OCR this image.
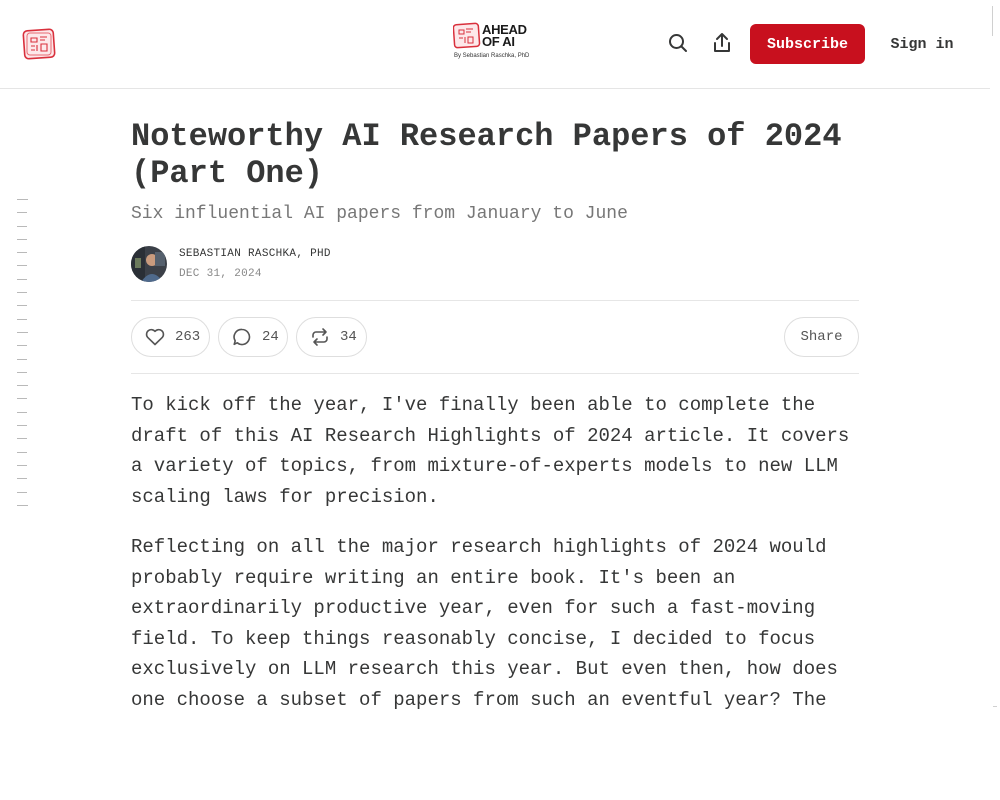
AHEAD
OF AI
By Sebastian Raschka, PhD
Subscribe	Sign in
Noteworthy AI Research Papers of 2024 (Part One)
Six influential AI papers from January to June
SEBASTIAN RASCHKA, PHD
DEC 31, 2024
263	24	34	Share

To kick off the year, I've finally been able to complete the draft of this AI Research Highlights of 2024 article. It covers a variety of topics, from mixture-of-experts models to new LLM scaling laws for precision.

Reflecting on all the major research highlights of 2024 would probably require writing an entire book. It's been an extraordinarily productive year, even for such a fast-moving field. To keep things reasonably concise, I decided to focus exclusively on LLM research this year. But even then, how does one choose a subset of papers from such an eventful year? The
